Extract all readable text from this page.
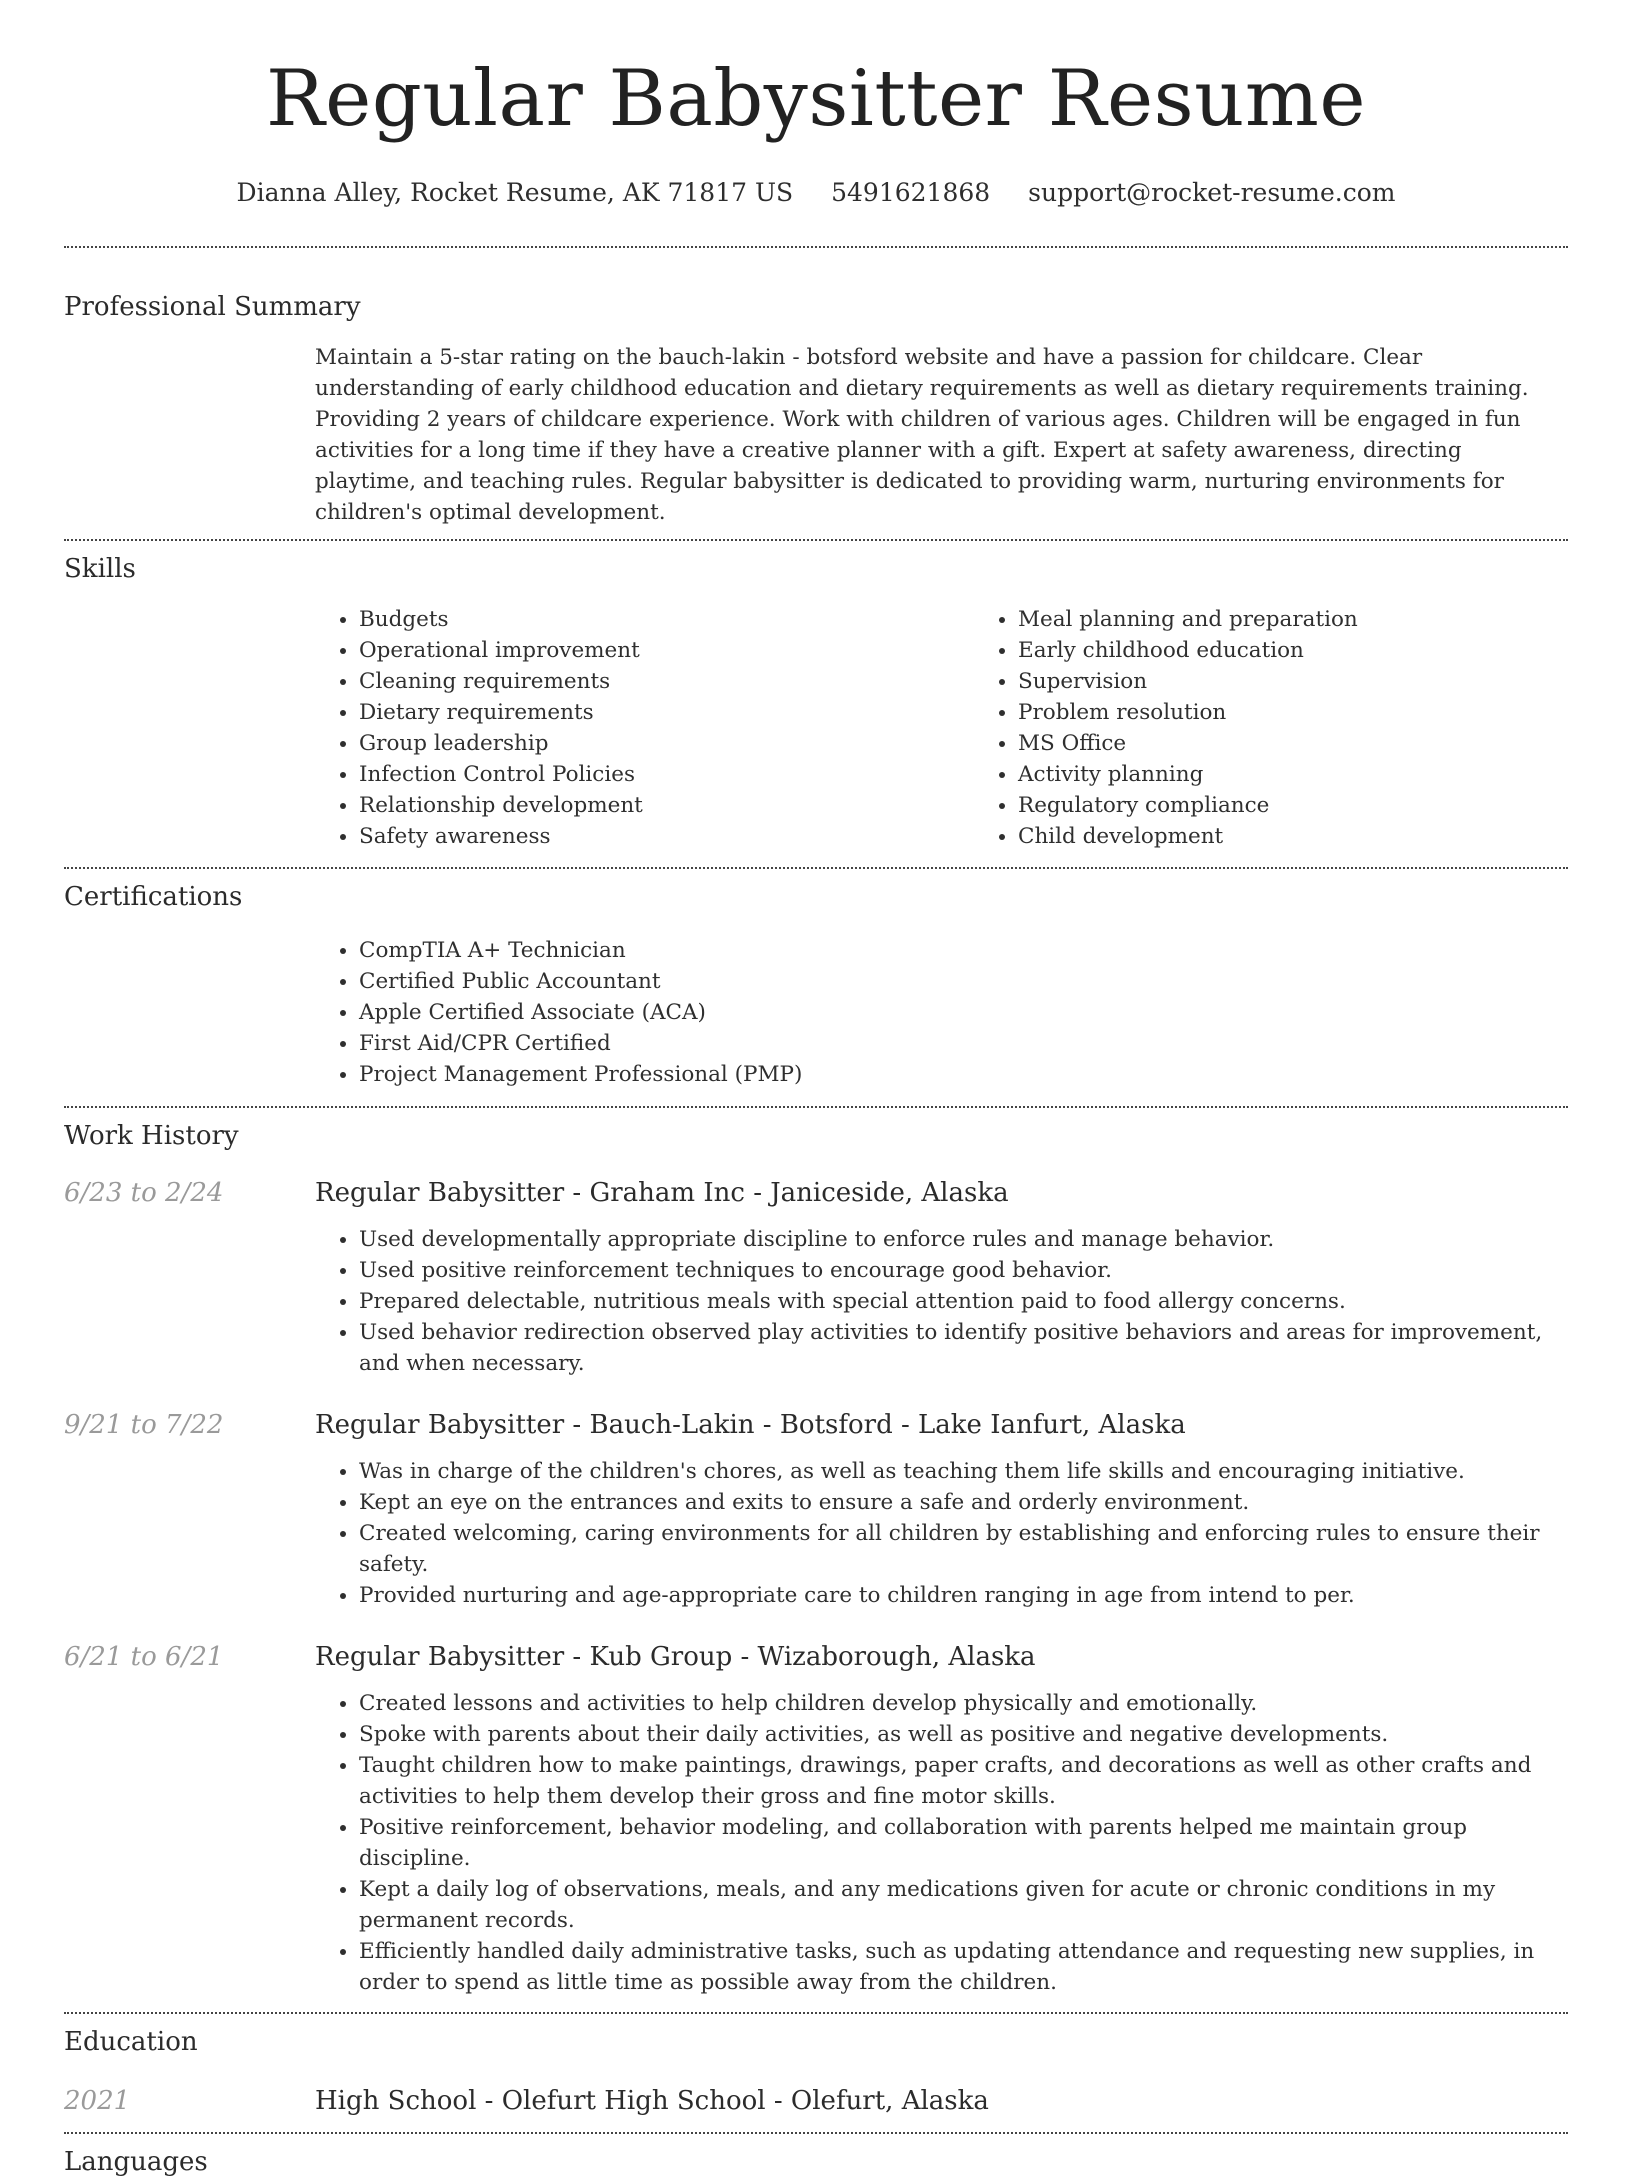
Regular Babysitter Resume
Dianna Alley, Rocket Resume, AK 71817 US 5491621868 support@rocket-resume.com
Professional Summary
Maintain a 5-star rating on the bauch-lakin - botsford website and have a passion for childcare. Clear understanding of early childhood education and dietary requirements as well as dietary requirements training. Providing 2 years of childcare experience. Work with children of various ages. Children will be engaged in fun activities for a long time if they have a creative planner with a gift. Expert at safety awareness, directing playtime, and teaching rules. Regular babysitter is dedicated to providing warm, nurturing environments for children's optimal development.
Skills
• Budgets
• Operational improvement
• Cleaning requirements
• Dietary requirements
• Group leadership
• Infection Control Policies
• Relationship development
• Safety awareness
• Meal planning and preparation
• Early childhood education
• Supervision
• Problem resolution
• MS Office
• Activity planning
• Regulatory compliance
• Child development
Certifications
• CompTIA A+ Technician
• Certified Public Accountant
• Apple Certified Associate (ACA)
• First Aid/CPR Certified
• Project Management Professional (PMP)
Work History
6/23 to 2/24	Regular Babysitter - Graham Inc - Janiceside, Alaska
• Used developmentally appropriate discipline to enforce rules and manage behavior.
• Used positive reinforcement techniques to encourage good behavior.
• Prepared delectable, nutritious meals with special attention paid to food allergy concerns.
• Used behavior redirection observed play activities to identify positive behaviors and areas for improvement, and when necessary.
9/21 to 7/22	Regular Babysitter - Bauch-Lakin - Botsford - Lake Ianfurt, Alaska
• Was in charge of the children's chores, as well as teaching them life skills and encouraging initiative.
• Kept an eye on the entrances and exits to ensure a safe and orderly environment.
• Created welcoming, caring environments for all children by establishing and enforcing rules to ensure their safety.
• Provided nurturing and age-appropriate care to children ranging in age from intend to per.
6/21 to 6/21	Regular Babysitter - Kub Group - Wizaborough, Alaska
• Created lessons and activities to help children develop physically and emotionally.
• Spoke with parents about their daily activities, as well as positive and negative developments.
• Taught children how to make paintings, drawings, paper crafts, and decorations as well as other crafts and activities to help them develop their gross and fine motor skills.
• Positive reinforcement, behavior modeling, and collaboration with parents helped me maintain group discipline.
• Kept a daily log of observations, meals, and any medications given for acute or chronic conditions in my permanent records.
• Efficiently handled daily administrative tasks, such as updating attendance and requesting new supplies, in order to spend as little time as possible away from the children.
Education
2021	High School - Olefurt High School - Olefurt, Alaska
Languages
